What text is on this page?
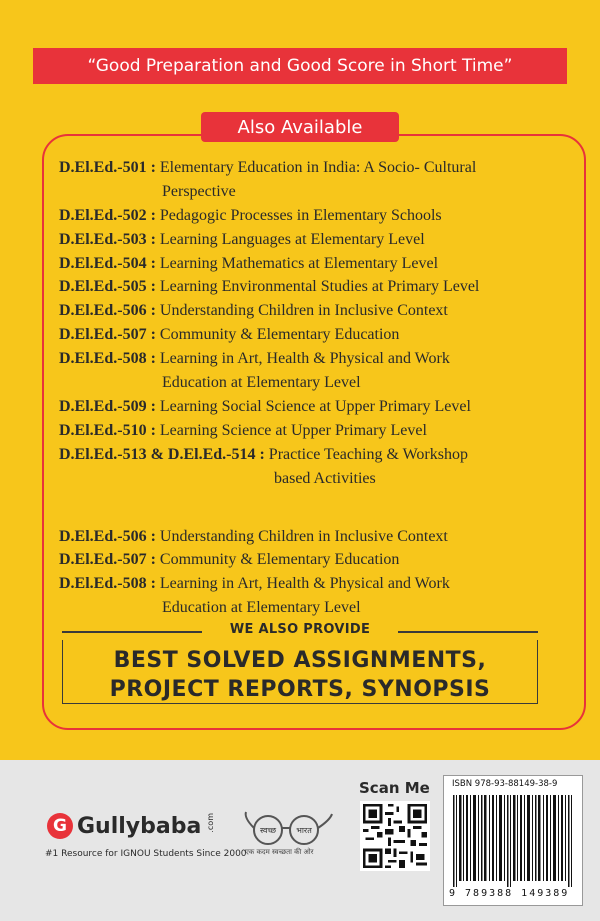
“Good Preparation and Good Score in Short Time”
Also Available
D.El.Ed.-501 : Elementary Education in India: A Socio- Cultural
Perspective
D.El.Ed.-502 : Pedagogic Processes in Elementary Schools
D.El.Ed.-503 : Learning Languages at Elementary Level
D.El.Ed.-504 : Learning Mathematics at Elementary Level
D.El.Ed.-505 : Learning Environmental Studies at Primary Level
D.El.Ed.-506 : Understanding Children in Inclusive Context
D.El.Ed.-507 : Community & Elementary Education
D.El.Ed.-508 : Learning in Art, Health & Physical and Work
Education at Elementary Level
D.El.Ed.-509 : Learning Social Science at Upper Primary Level
D.El.Ed.-510 : Learning Science at Upper Primary Level
D.El.Ed.-513 & D.El.Ed.-514 : Practice Teaching & Workshop
based Activities
D.El.Ed.-506 : Understanding Children in Inclusive Context
D.El.Ed.-507 : Community & Elementary Education
D.El.Ed.-508 : Learning in Art, Health & Physical and Work
Education at Elementary Level
WE ALSO PROVIDE
BEST SOLVED ASSIGNMENTS,
PROJECT REPORTS, SYNOPSIS
G Gullybaba .com
#1 Resource for IGNOU Students Since 2000
स्वच्छ	भारत
एक कदम स्वच्छता की ओर
Scan Me	ISBN 978-93-88149-38-9
9 789388 149389
